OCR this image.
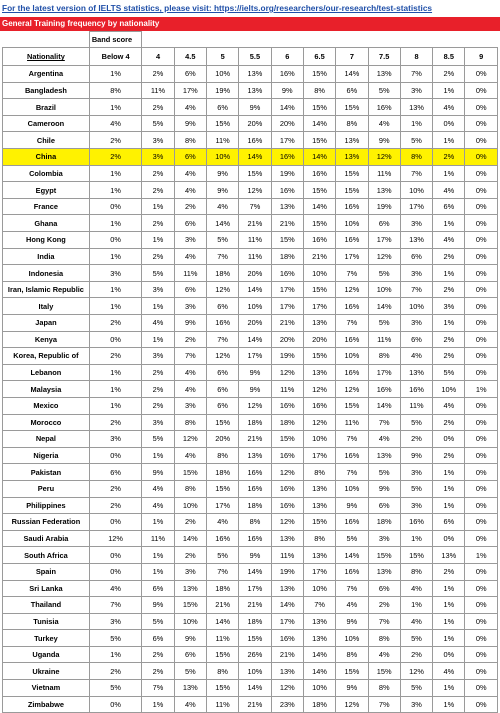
For the latest version of IELTS statistics, please visit: https://ielts.org/researchers/our-research/test-statistics
General Training frequency by nationality
	Band score											
Nationality	Below 4	4	4.5	5	5.5	6	6.5	7	7.5	8	8.5	9
Argentina	1%	2%	6%	10%	13%	16%	15%	14%	13%	7%	2%	0%
Bangladesh	8%	11%	17%	19%	13%	9%	8%	6%	5%	3%	1%	0%
Brazil	1%	2%	4%	6%	9%	14%	15%	15%	16%	13%	4%	0%
Cameroon	4%	5%	9%	15%	20%	20%	14%	8%	4%	1%	0%	0%
Chile	2%	3%	8%	11%	16%	17%	15%	13%	9%	5%	1%	0%
China	2%	3%	6%	10%	14%	16%	14%	13%	12%	8%	2%	0%
Colombia	1%	2%	4%	9%	15%	19%	16%	15%	11%	7%	1%	0%
Egypt	1%	2%	4%	9%	12%	16%	15%	15%	13%	10%	4%	0%
France	0%	1%	2%	4%	7%	13%	14%	16%	19%	17%	6%	0%
Ghana	1%	2%	6%	14%	21%	21%	15%	10%	6%	3%	1%	0%
Hong Kong	0%	1%	3%	5%	11%	15%	16%	16%	17%	13%	4%	0%
India	1%	2%	4%	7%	11%	18%	21%	17%	12%	6%	2%	0%
Indonesia	3%	5%	11%	18%	20%	16%	10%	7%	5%	3%	1%	0%
Iran, Islamic Republic	1%	3%	6%	12%	14%	17%	15%	12%	10%	7%	2%	0%
Italy	1%	1%	3%	6%	10%	17%	17%	16%	14%	10%	3%	0%
Japan	2%	4%	9%	16%	20%	21%	13%	7%	5%	3%	1%	0%
Kenya	0%	1%	2%	7%	14%	20%	20%	16%	11%	6%	2%	0%
Korea, Republic of	2%	3%	7%	12%	17%	19%	15%	10%	8%	4%	2%	0%
Lebanon	1%	2%	4%	6%	9%	12%	13%	16%	17%	13%	5%	0%
Malaysia	1%	2%	4%	6%	9%	11%	12%	12%	16%	16%	10%	1%
Mexico	1%	2%	3%	6%	12%	16%	16%	15%	14%	11%	4%	0%
Morocco	2%	3%	8%	15%	18%	18%	12%	11%	7%	5%	2%	0%
Nepal	3%	5%	12%	20%	21%	15%	10%	7%	4%	2%	0%	0%
Nigeria	0%	1%	4%	8%	13%	16%	17%	16%	13%	9%	2%	0%
Pakistan	6%	9%	15%	18%	16%	12%	8%	7%	5%	3%	1%	0%
Peru	2%	4%	8%	15%	16%	16%	13%	10%	9%	5%	1%	0%
Philippines	2%	4%	10%	17%	18%	16%	13%	9%	6%	3%	1%	0%
Russian Federation	0%	1%	2%	4%	8%	12%	15%	16%	18%	16%	6%	0%
Saudi Arabia	12%	11%	14%	16%	16%	13%	8%	5%	3%	1%	0%	0%
South Africa	0%	1%	2%	5%	9%	11%	13%	14%	15%	15%	13%	1%
Spain	0%	1%	3%	7%	14%	19%	17%	16%	13%	8%	2%	0%
Sri Lanka	4%	6%	13%	18%	17%	13%	10%	7%	6%	4%	1%	0%
Thailand	7%	9%	15%	21%	21%	14%	7%	4%	2%	1%	1%	0%
Tunisia	3%	5%	10%	14%	18%	17%	13%	9%	7%	4%	1%	0%
Turkey	5%	6%	9%	11%	15%	16%	13%	10%	8%	5%	1%	0%
Uganda	1%	2%	6%	15%	26%	21%	14%	8%	4%	2%	0%	0%
Ukraine	2%	2%	5%	8%	10%	13%	14%	15%	15%	12%	4%	0%
Vietnam	5%	7%	13%	15%	14%	12%	10%	9%	8%	5%	1%	0%
Zimbabwe	0%	1%	4%	11%	21%	23%	18%	12%	7%	3%	1%	0%
